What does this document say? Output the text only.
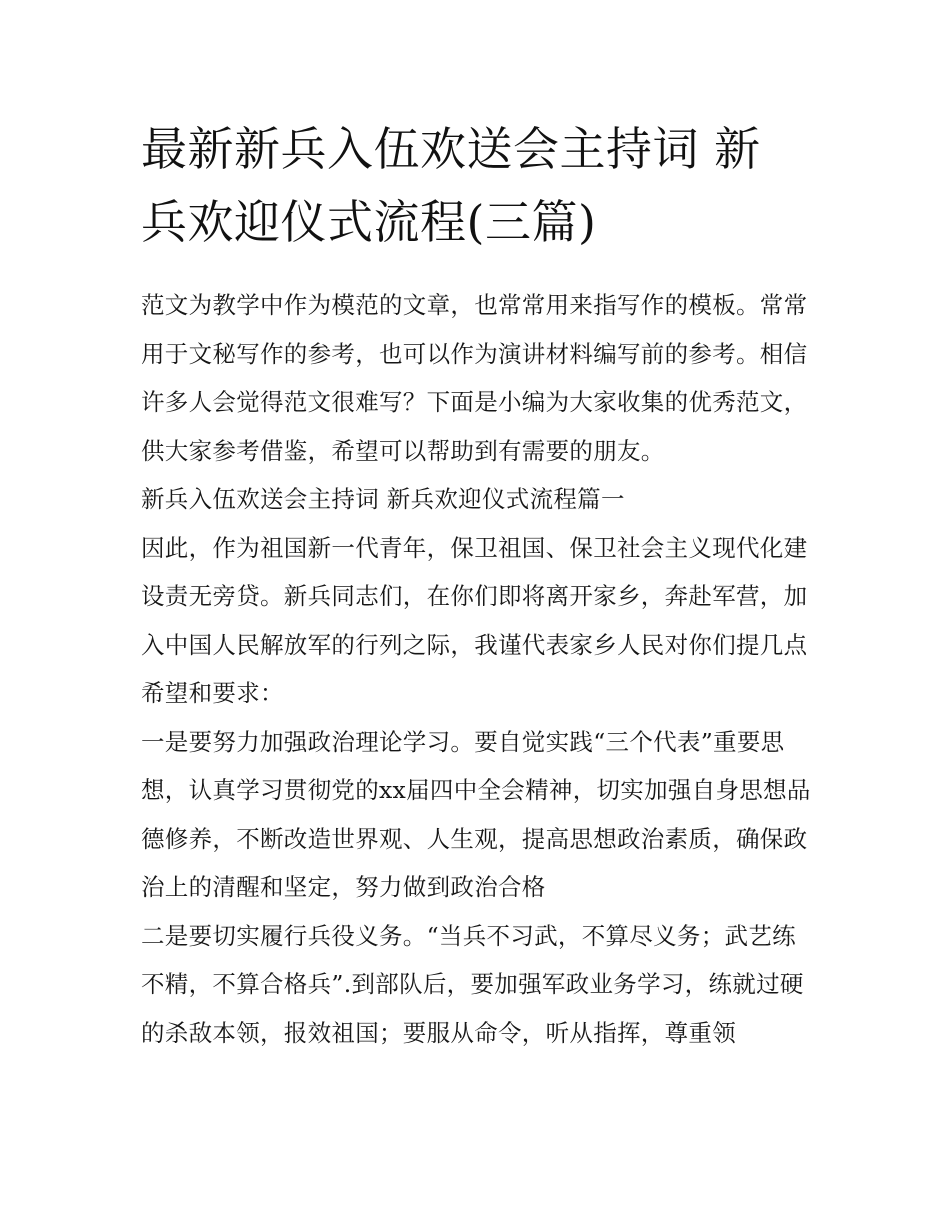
最新新兵入伍欢送会主持词 新
兵欢迎仪式流程(三篇)

范文为教学中作为模范的文章，也常常用来指写作的模板。常常用于文秘写作的参考，也可以作为演讲材料编写前的参考。相信许多人会觉得范文很难写？下面是小编为大家收集的优秀范文，供大家参考借鉴，希望可以帮助到有需要的朋友。

新兵入伍欢送会主持词 新兵欢迎仪式流程篇一

因此，作为祖国新一代青年，保卫祖国、保卫社会主义现代化建设责无旁贷。新兵同志们，在你们即将离开家乡，奔赴军营，加入中国人民解放军的行列之际，我谨代表家乡人民对你们提几点希望和要求：

一是要努力加强政治理论学习。要自觉实践“三个代表”重要思想，认真学习贯彻党的xx届四中全会精神，切实加强自身思想品德修养，不断改造世界观、人生观，提高思想政治素质，确保政治上的清醒和坚定，努力做到政治合格

二是要切实履行兵役义务。“当兵不习武，不算尽义务；武艺练不精，不算合格兵”.到部队后，要加强军政业务学习，练就过硬的杀敌本领，报效祖国；要服从命令，听从指挥，尊重领
